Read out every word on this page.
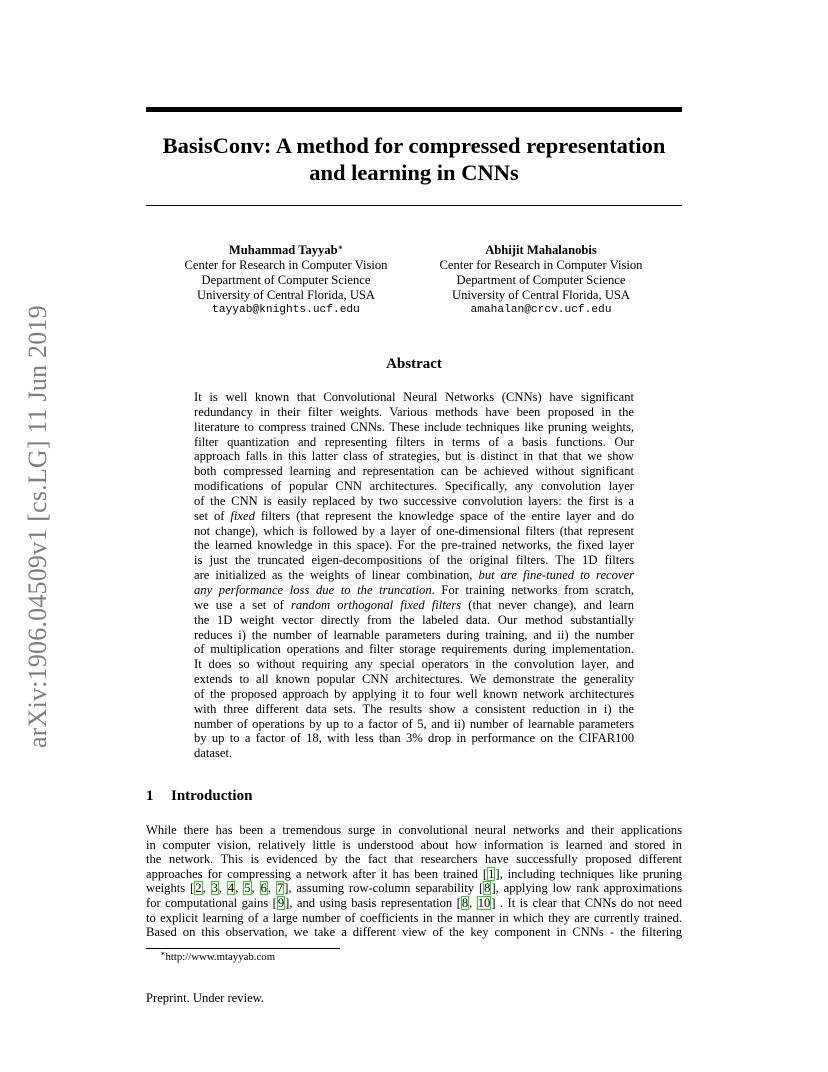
arXiv:1906.04509v1 [cs.LG] 11 Jun 2019
BasisConv: A method for compressed representation
and learning in CNNs
Muhammad Tayyab∗
Center for Research in Computer Vision
Department of Computer Science
University of Central Florida, USA
tayyab@knights.ucf.edu
Abhijit Mahalanobis
Center for Research in Computer Vision
Department of Computer Science
University of Central Florida, USA
amahalan@crcv.ucf.edu
Abstract
It is well known that Convolutional Neural Networks (CNNs) have significant
redundancy in their filter weights. Various methods have been proposed in the
literature to compress trained CNNs. These include techniques like pruning weights,
filter quantization and representing filters in terms of a basis functions. Our
approach falls in this latter class of strategies, but is distinct in that that we show
both compressed learning and representation can be achieved without significant
modifications of popular CNN architectures. Specifically, any convolution layer
of the CNN is easily replaced by two successive convolution layers: the first is a
set of fixed filters (that represent the knowledge space of the entire layer and do
not change), which is followed by a layer of one-dimensional filters (that represent
the learned knowledge in this space). For the pre-trained networks, the fixed layer
is just the truncated eigen-decompositions of the original filters. The 1D filters
are initialized as the weights of linear combination, but are fine-tuned to recover
any performance loss due to the truncation. For training networks from scratch,
we use a set of random orthogonal fixed filters (that never change), and learn
the 1D weight vector directly from the labeled data. Our method substantially
reduces i) the number of learnable parameters during training, and ii) the number
of multiplication operations and filter storage requirements during implementation.
It does so without requiring any special operators in the convolution layer, and
extends to all known popular CNN architectures. We demonstrate the generality
of the proposed approach by applying it to four well known network architectures
with three different data sets. The results show a consistent reduction in i) the
number of operations by up to a factor of 5, and ii) number of learnable parameters
by up to a factor of 18, with less than 3% drop in performance on the CIFAR100
dataset.
1 Introduction
While there has been a tremendous surge in convolutional neural networks and their applications
in computer vision, relatively little is understood about how information is learned and stored in
the network. This is evidenced by the fact that researchers have successfully proposed different
approaches for compressing a network after it has been trained [1], including techniques like pruning
weights [2, 3, 4, 5, 6, 7], assuming row-column separability [8], applying low rank approximations
for computational gains [9], and using basis representation [8, 10] . It is clear that CNNs do not need
to explicit learning of a large number of coefficients in the manner in which they are currently trained.
Based on this observation, we take a different view of the key component in CNNs - the filtering
∗http://www.mtayyab.com
Preprint. Under review.
